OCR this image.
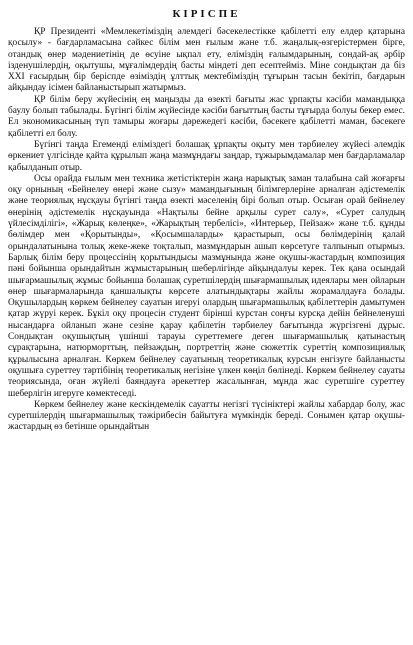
КІРІСПЕ

ҚР Президенті «Мемлекетіміздің әлемдегі бәсекелестікке қабілетті елу елдер қатарына қосылу» - бағдарламасына сәйкес білім мен ғылым және т.б. жаңалық-өзгерістермен бірге, отандық өнер мәдениетінің де өсуіне ықпал ету, еліміздің ғалымдарының, сондай-ақ әрбір ізденушілердің, оқытушы, мұғалімдердің басты міндеті деп есептейміз. Міне сондықтан да біз ХХІ ғасырдың бір беріспде өзіміздің ұлттық мектебіміздің тұғырын тасын бекітіп, бағдарын айқындау ісімен байланыстырып жатырмыз.

ҚР білім беру жүйесінің ең маңызды да өзекті бағыты жас ұрпақты кәсіби мамандыққа баулу болып табылады. Бүгінгі білім жүйесінде кәсіби бағыттың басты тұғырда болуы бекер емес. Ел экономикасының түп тамыры жоғары дәрежедегі кәсіби, бәсекеге қабілетті маман, бәсекеге қабілетті ел болу.

Бүгінгі таңда Егемендi елiмiздегi болашақ ұрпақты оқыту мен тәрбиелеу жүйесi әлемдiк өркениет үлгiсiнде қайта құрылып жаңа мазмұндағы заңдар, тұжырымдамалар мен бағдарламалар қабылданып отыр.

Осы орайда ғылым мен техника жетістіктерін жаңа нарықтық заман талабына сай жоғарғы оқу орнының «Бейнелеу өнері және сызу» мамандығының білімгерлеріне арналған әдістемелік және теориялық нұсқауы бүгінгі таңда өзекті мәселенің бірі болып отыр. Осыған орай бейнелеу өнерінің әдістемелік нұсқауында «Нақтылы бейне арқылы сурет салу», «Сурет салудың үйлесімділігі», «Жарық көлеңке», «Жарықтың тербелісі», «Интерьер, Пейзаж» және т.б. құнды бөлімдер мен «Қорытынды», «Қосымшаларды» қарастырып, осы бөлімдерінің қалай орындалатынына толық жеке-жеке тоқталып, мазмұндарын ашып көрсетуге талпынып отырмыз. Барлық білім беру процессінің қорытындысы мазмұнында және оқушы-жастардың композиция пәні бойынша орындайтын жұмыстарының шеберлігінде айқындалуы керек. Тек қана осындай шығармашылық жұмыс бойынша болашақ суретшілердің шығармашылық идеялары мен ойларын өнер шығармаларында қаншалықты көрсете алатындықтары жайлы жорамалдауға болады. Оқушылардың көркем бейнелеу сауатын игеруі олардың шығармашылық қабілеттерін дамытумен қатар жүруі керек. Бұкіл оқу процесін студент бірінші курстан соңғы курсқа дейін бейнеленуші нысандарға ойланып және сезіне қарау қабілетін тәрбиелеу бағытында жүргізгені дұрыс. Сондықтан оқушықтың үшінші тарауы суреттемеге деген шығармашылық қатынастың сұрақтарына, натюрморттың, пейзаждың, портреттің және сюжеттік суреттің композициялық құрылысына арналған. Көркем бейнелеу сауатының теоретикалық курсын енгізуге байланысты оқушыға суреттеу тәртібінің теоретикалық негізіне үлкен көңіл бөлінеді. Көркем бейнелеу сауаты теориясында, оған жүйелі баяндауға әрекеттер жасалынған, мұнда жас суретшіге суреттеу шеберлігін игеруге көмектеседі.

Көркем бейнелеу және кескіндемелік сауатты негізгі түсініктері жайлы хабардар болу, жас суретшілердің шығармашылық тәжірибесін байытуға мүмкіндік береді. Сонымен қатар оқушы-жастардың өз бетінше орындайтын
